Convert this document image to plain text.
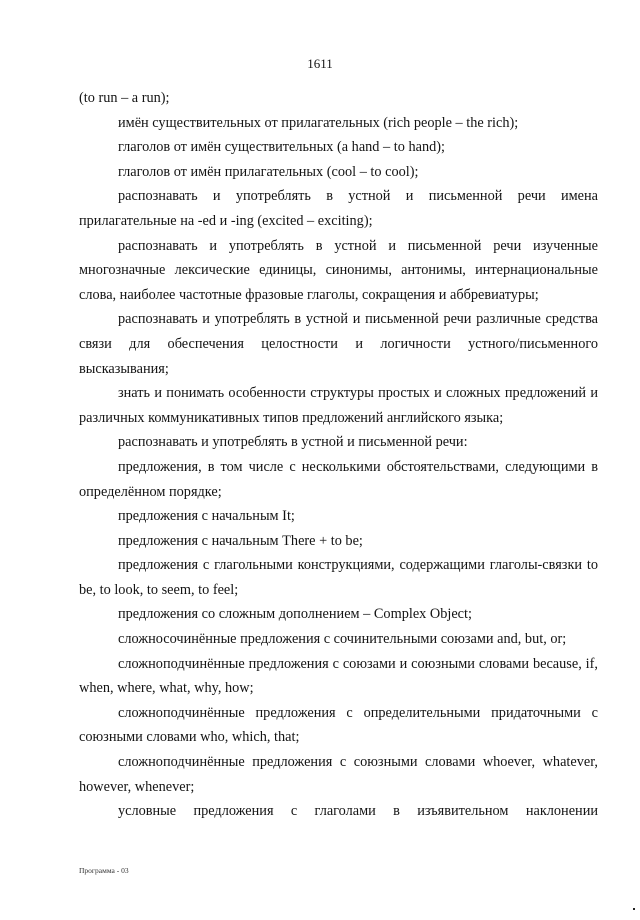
1611

(to run – a run);

имён существительных от прилагательных (rich people – the rich);

глаголов от имён существительных (a hand – to hand);

глаголов от имён прилагательных (cool – to cool);

распознавать и употреблять в устной и письменной речи имена прилагательные на -ed и -ing (excited – exciting);

распознавать и употреблять в устной и письменной речи изученные многозначные лексические единицы, синонимы, антонимы, интернациональные слова, наиболее частотные фразовые глаголы, сокращения и аббревиатуры;

распознавать и употреблять в устной и письменной речи различные средства связи для обеспечения целостности и логичности устного/письменного высказывания;

знать и понимать особенности структуры простых и сложных предложений и различных коммуникативных типов предложений английского языка;

распознавать и употреблять в устной и письменной речи:

предложения, в том числе с несколькими обстоятельствами, следующими в определённом порядке;

предложения с начальным It;

предложения с начальным There + to be;

предложения с глагольными конструкциями, содержащими глаголы-связки to be, to look, to seem, to feel;

предложения со сложным дополнением – Complex Object;

сложносочинённые предложения с сочинительными союзами and, but, or;

сложноподчинённые предложения с союзами и союзными словами because, if, when, where, what, why, how;

сложноподчинённые предложения с определительными придаточными с союзными словами who, which, that;

сложноподчинённые предложения с союзными словами whoever, whatever, however, whenever;

условные предложения с глаголами в изъявительном наклонении

Программа - 03
